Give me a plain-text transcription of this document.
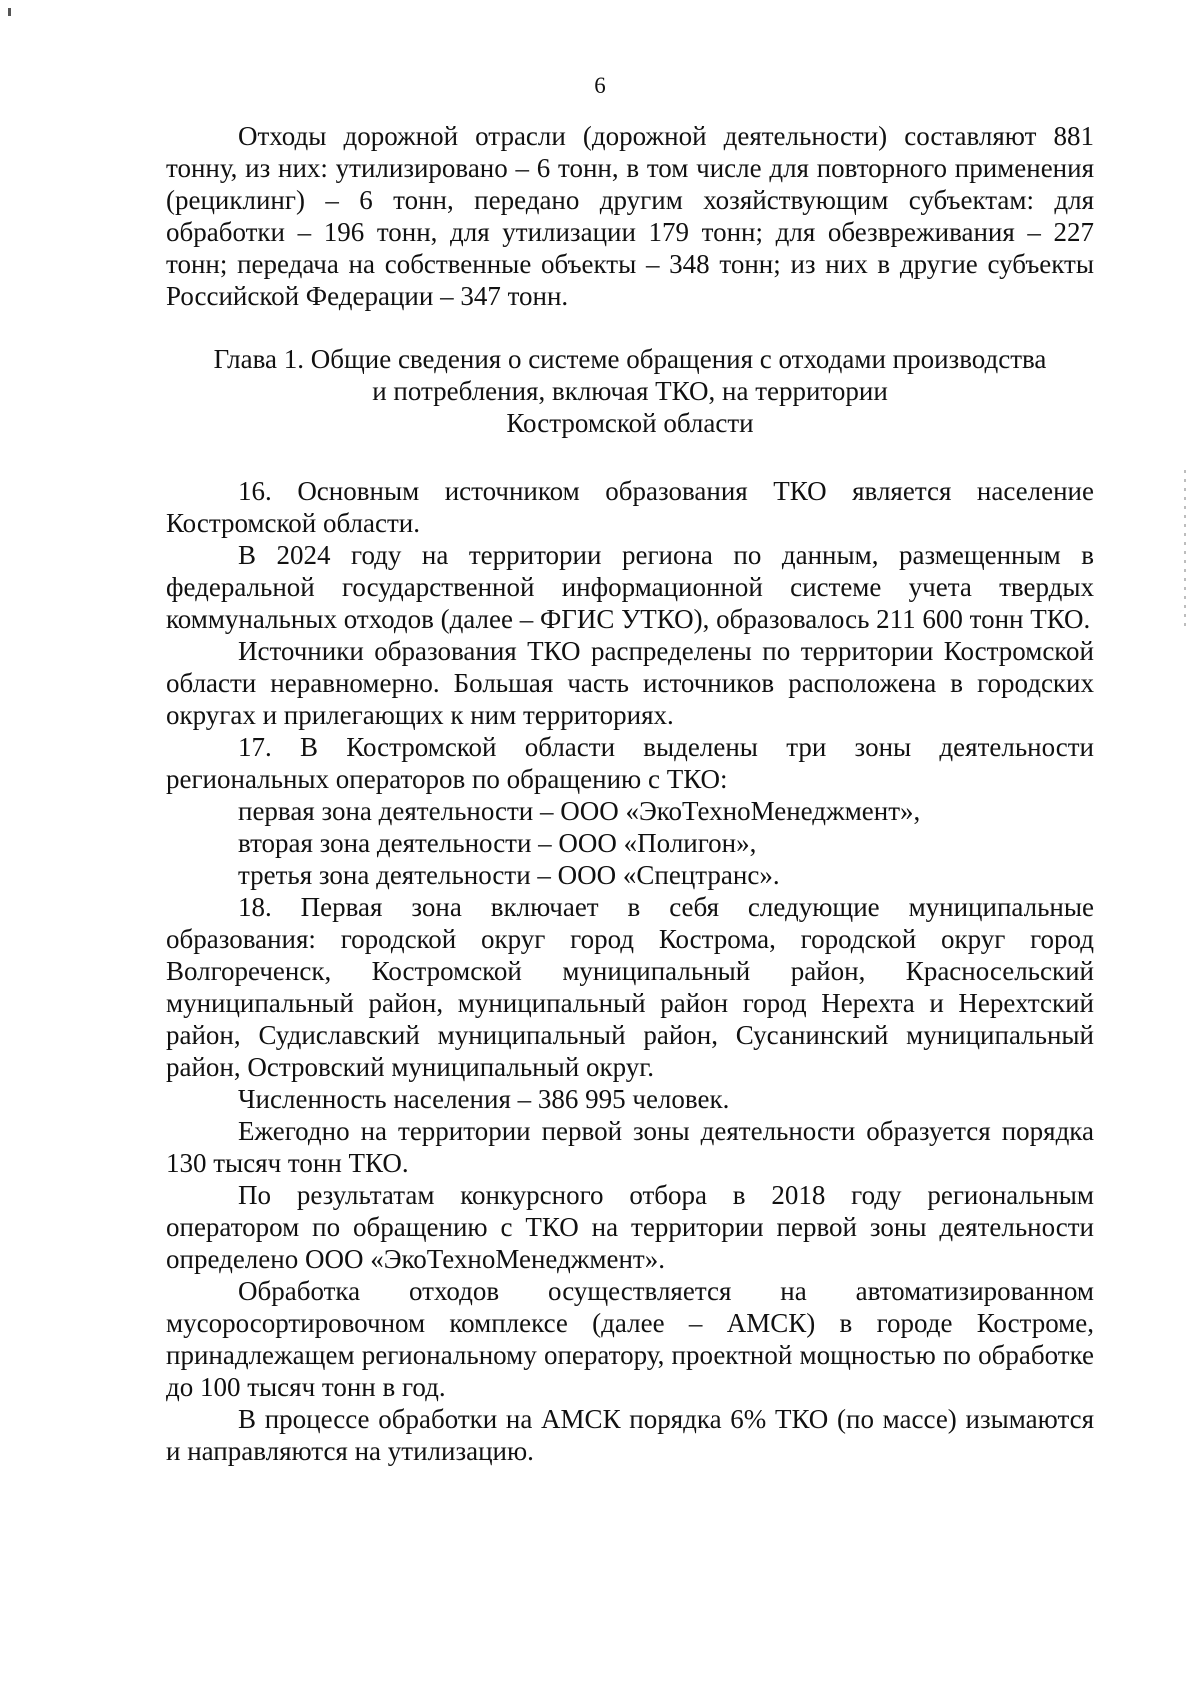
6

Отходы дорожной отрасли (дорожной деятельности) составляют 881 тонну, из них: утилизировано – 6 тонн, в том числе для повторного применения (рециклинг) – 6 тонн, передано другим хозяйствующим субъектам: для обработки – 196 тонн, для утилизации 179 тонн; для обезвреживания – 227 тонн; передача на собственные объекты – 348 тонн; из них в другие субъекты Российской Федерации – 347 тонн.

Глава 1. Общие сведения о системе обращения с отходами производства
и потребления, включая ТКО, на территории
Костромской области

16. Основным источником образования ТКО является население Костромской области.

В 2024 году на территории региона по данным, размещенным в федеральной государственной информационной системе учета твердых коммунальных отходов (далее – ФГИС УТКО), образовалось 211 600 тонн ТКО.

Источники образования ТКО распределены по территории Костромской области неравномерно. Большая часть источников расположена в городских округах и прилегающих к ним территориях.

17. В Костромской области выделены три зоны деятельности региональных операторов по обращению с ТКО:

первая зона деятельности – ООО «ЭкоТехноМенеджмент»,

вторая зона деятельности – ООО «Полигон»,

третья зона деятельности – ООО «Спецтранс».

18. Первая зона включает в себя следующие муниципальные образования: городской округ город Кострома, городской округ город Волгореченск, Костромской муниципальный район, Красносельский муниципальный район, муниципальный район город Нерехта и Нерехтский район, Судиславский муниципальный район, Сусанинский муниципальный район, Островский муниципальный округ.

Численность населения – 386 995 человек.

Ежегодно на территории первой зоны деятельности образуется порядка 130 тысяч тонн ТКО.

По результатам конкурсного отбора в 2018 году региональным оператором по обращению с ТКО на территории первой зоны деятельности определено ООО «ЭкоТехноМенеджмент».

Обработка отходов осуществляется на автоматизированном мусоросортировочном комплексе (далее – АМСК) в городе Костроме, принадлежащем региональному оператору, проектной мощностью по обработке до 100 тысяч тонн в год.

В процессе обработки на АМСК порядка 6% ТКО (по массе) изымаются и направляются на утилизацию.
